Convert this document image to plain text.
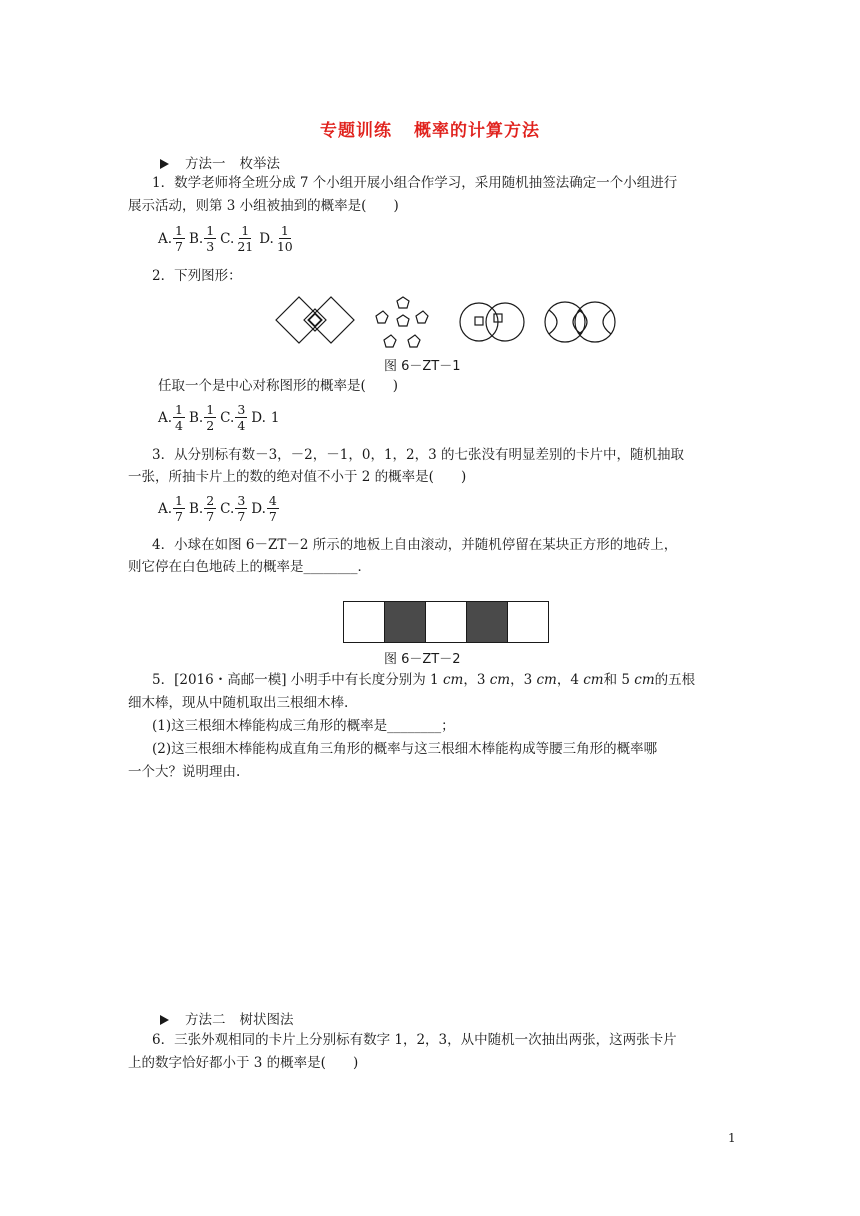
专题训练 概率的计算方法
方法一 枚举法
1．数学老师将全班分成 7 个小组开展小组合作学习，采用随机抽签法确定一个小组进行
展示活动，则第 3 小组被抽到的概率是(　　)
A. $\frac{1}{7} B$. $\frac{1}{3} C$. $\frac{1}{21} D$. $\frac{1}{10}$
2．下列图形：
图 6－ZT－1
任取一个是中心对称图形的概率是(　　)
A. $\frac{1}{4} B$. $\frac{1}{2} C$. $\frac{3}{4} D$. 1
3．从分别标有数－3，－2，－1，0，1，2，3 的七张没有明显差别的卡片中，随机抽取
一张，所抽卡片上的数的绝对值不小于 2 的概率是(　　)
A. $\frac{1}{7} B$. $\frac{2}{7} C$. $\frac{3}{7} D$. $\frac{4}{7}$
4．小球在如图 6－ZT－2 所示的地板上自由滚动，并随机停留在某块正方形的地砖上，
则它停在白色地砖上的概率是________．
图 6－ZT－2
5．[2016・高邮一模] 小明手中有长度分别为 1 cm，3 cm，3 cm，4 cm和 5 cm的五根
细木棒，现从中随机取出三根细木棒.
(1)这三根细木棒能构成三角形的概率是________；
(2)这三根细木棒能构成直角三角形的概率与这三根细木棒能构成等腰三角形的概率哪
一个大？说明理由.
方法二 树状图法
6．三张外观相同的卡片上分别标有数字 1，2，3，从中随机一次抽出两张，这两张卡片
上的数字恰好都小于 3 的概率是(　　)
1
